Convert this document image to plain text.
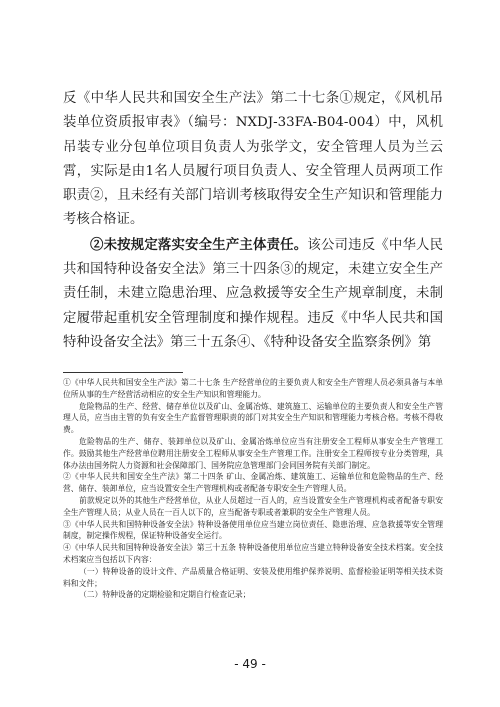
反《中华人民共和国安全生产法》第二十七条①规定，《风机吊装单位资质报审表》（编号：NXDJ-33FA-B04-004）中，风机吊装专业分包单位项目负责人为张学文，安全管理人员为兰云霄，实际是由1名人员履行项目负责人、安全管理人员两项工作职责②，且未经有关部门培训考核取得安全生产知识和管理能力考核合格证。

②未按规定落实安全生产主体责任。该公司违反《中华人民共和国特种设备安全法》第三十四条③的规定，未建立安全生产责任制，未建立隐患治理、应急救援等安全生产规章制度，未制定履带起重机安全管理制度和操作规程。违反《中华人民共和国特种设备安全法》第三十五条④、《特种设备安全监察条例》第

①《中华人民共和国安全生产法》第二十七条 生产经营单位的主要负责人和安全生产管理人员必须具备与本单位所从事的生产经营活动相应的安全生产知识和管理能力。

危险物品的生产、经营、储存单位以及矿山、金属冶炼、建筑施工、运输单位的主要负责人和安全生产管理人员，应当由主管的负有安全生产监督管理职责的部门对其安全生产知识和管理能力考核合格。考核不得收费。

危险物品的生产、储存、装卸单位以及矿山、金属冶炼单位应当有注册安全工程师从事安全生产管理工作。鼓励其他生产经营单位聘用注册安全工程师从事安全生产管理工作。注册安全工程师按专业分类管理，具体办法由国务院人力资源和社会保障部门、国务院应急管理部门会同国务院有关部门制定。

②《中华人民共和国安全生产法》第二十四条 矿山、金属冶炼、建筑施工、运输单位和危险物品的生产、经营、储存、装卸单位，应当设置安全生产管理机构或者配备专职安全生产管理人员。

前款规定以外的其他生产经营单位，从业人员超过一百人的，应当设置安全生产管理机构或者配备专职安全生产管理人员；从业人员在一百人以下的，应当配备专职或者兼职的安全生产管理人员。

③《中华人民共和国特种设备安全法》特种设备使用单位应当建立岗位责任、隐患治理、应急救援等安全管理制度，制定操作规程，保证特种设备安全运行。

④《中华人民共和国特种设备安全法》第三十五条 特种设备使用单位应当建立特种设备安全技术档案。安全技术档案应当包括以下内容：

（一）特种设备的设计文件、产品质量合格证明、安装及使用维护保养说明、监督检验证明等相关技术资料和文件；

（二）特种设备的定期检验和定期自行检查记录；

- 49 -
